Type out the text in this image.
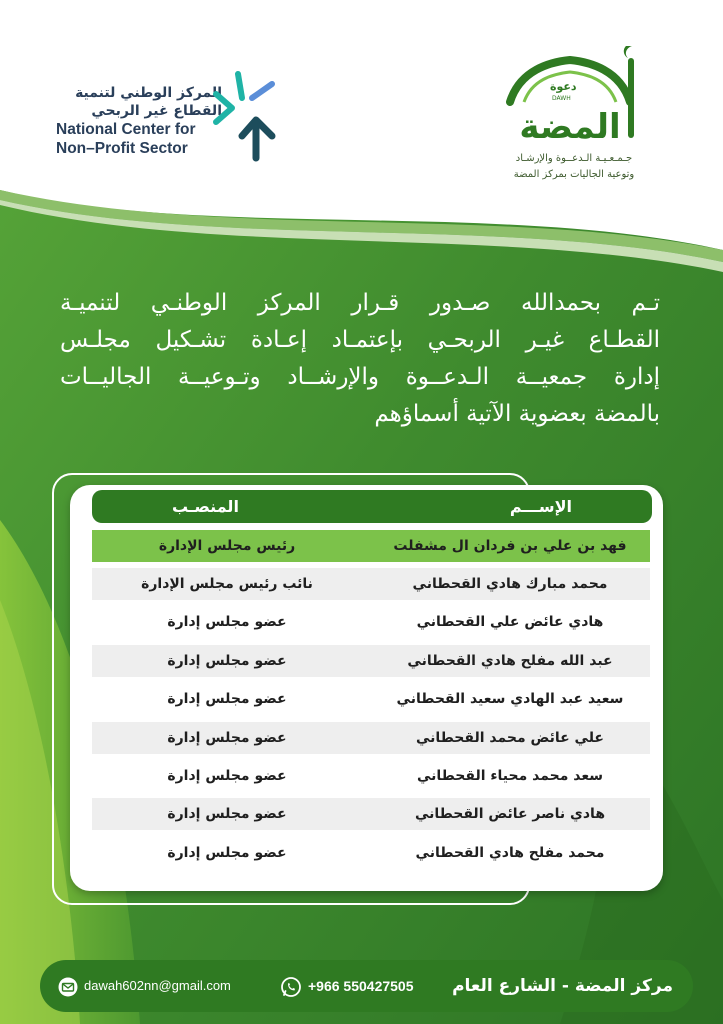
المركز الوطني لتنمية
القطاع غير الربحي
National Center for
Non–Profit Sector
دعوة
DAWH
المضة
جـمـعـيـة الـدعــوة والإرشـاد
وتوعية الجاليات بمركز المضة
تـم بحمدالله صـدور قـرار المركز الوطنـي لتنميـة
القطـاع غيـر الربحـي بإعتمـاد إعـادة تشـكيل مجلـس
إدارة جمعيــة الـدعــوة والإرشــاد وتـوعيــة الجاليــات
بالمضة بعضوية الآتية أسماؤهم
الإســـم
المنصـب
فهد بن علي بن فردان ال مشفلت
رئيس مجلس الإدارة
محمد مبارك هادي القحطاني
نائب رئيس مجلس الإدارة
هادي عائض علي القحطاني
عضو مجلس إدارة
عبد الله مفلح هادي القحطاني
عضو مجلس إدارة
سعيد عبد الهادي سعيد القحطاني
عضو مجلس إدارة
علي عائض محمد القحطاني
عضو مجلس إدارة
سعد محمد محياء القحطاني
عضو مجلس إدارة
هادي ناصر عائض القحطاني
عضو مجلس إدارة
محمد مفلح هادي القحطاني
عضو مجلس إدارة
dawah602nn@gmail.com	+966 550427505 مركز المضة - الشارع العام
